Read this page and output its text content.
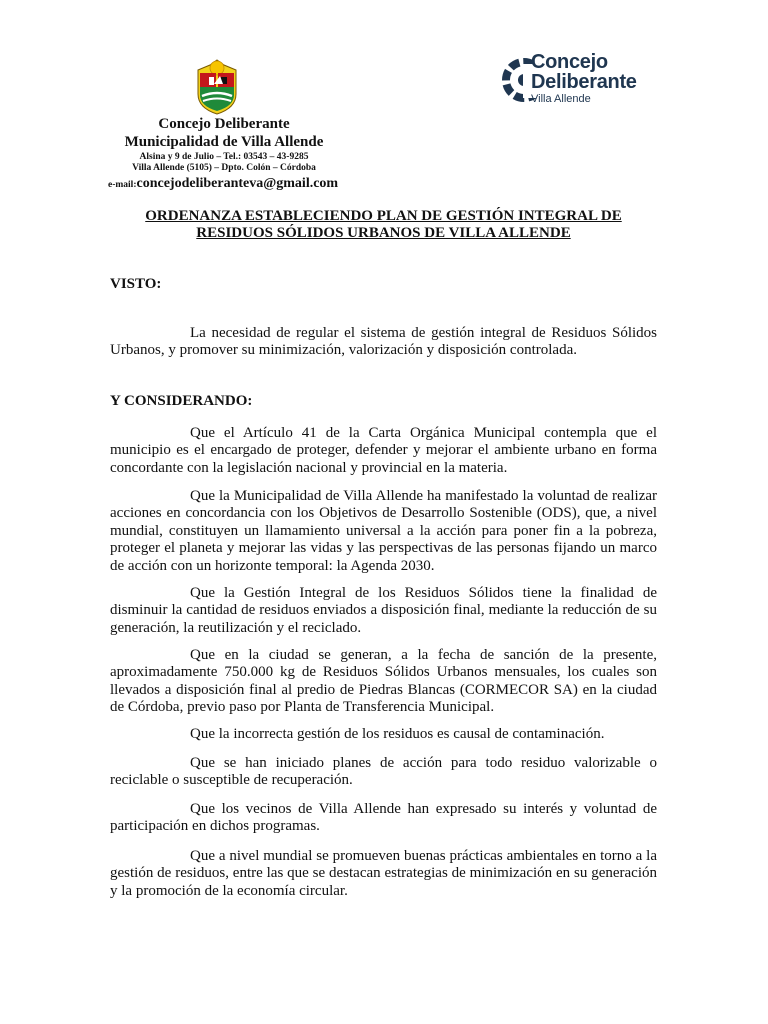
Concejo
Deliberante
Villa Allende
Concejo Deliberante
Municipalidad de Villa Allende
Alsina y 9 de Julio – Tel.: 03543 – 43-9285
Villa Allende (5105) – Dpto. Colón – Córdoba
e-mail:concejodeliberanteva@gmail.com
ORDENANZA ESTABLECIENDO PLAN DE GESTIÓN INTEGRAL DE
RESIDUOS SÓLIDOS URBANOS DE VILLA ALLENDE
VISTO:

La necesidad de regular el sistema de gestión integral de Residuos Sólidos Urbanos, y promover su minimización, valorización y disposición controlada.

Y CONSIDERANDO:

Que el Artículo 41 de la Carta Orgánica Municipal contempla que el municipio es el encargado de proteger, defender y mejorar el ambiente urbano en forma concordante con la legislación nacional y provincial en la materia.

Que la Municipalidad de Villa Allende ha manifestado la voluntad de realizar acciones en concordancia con los Objetivos de Desarrollo Sostenible (ODS), que, a nivel mundial, constituyen un llamamiento universal a la acción para poner fin a la pobreza, proteger el planeta y mejorar las vidas y las perspectivas de las personas fijando un marco de acción con un horizonte temporal: la Agenda 2030.

Que la Gestión Integral de los Residuos Sólidos tiene la finalidad de disminuir la cantidad de residuos enviados a disposición final, mediante la reducción de su generación, la reutilización y el reciclado.

Que en la ciudad se generan, a la fecha de sanción de la presente, aproximadamente 750.000 kg de Residuos Sólidos Urbanos mensuales, los cuales son llevados a disposición final al predio de Piedras Blancas (CORMECOR SA) en la ciudad de Córdoba, previo paso por Planta de Transferencia Municipal.

Que la incorrecta gestión de los residuos es causal de contaminación.

Que se han iniciado planes de acción para todo residuo valorizable o reciclable o susceptible de recuperación.

Que los vecinos de Villa Allende han expresado su interés y voluntad de participación en dichos programas.

Que a nivel mundial se promueven buenas prácticas ambientales en torno a la gestión de residuos, entre las que se destacan estrategias de minimización en su generación y la promoción de la economía circular.
